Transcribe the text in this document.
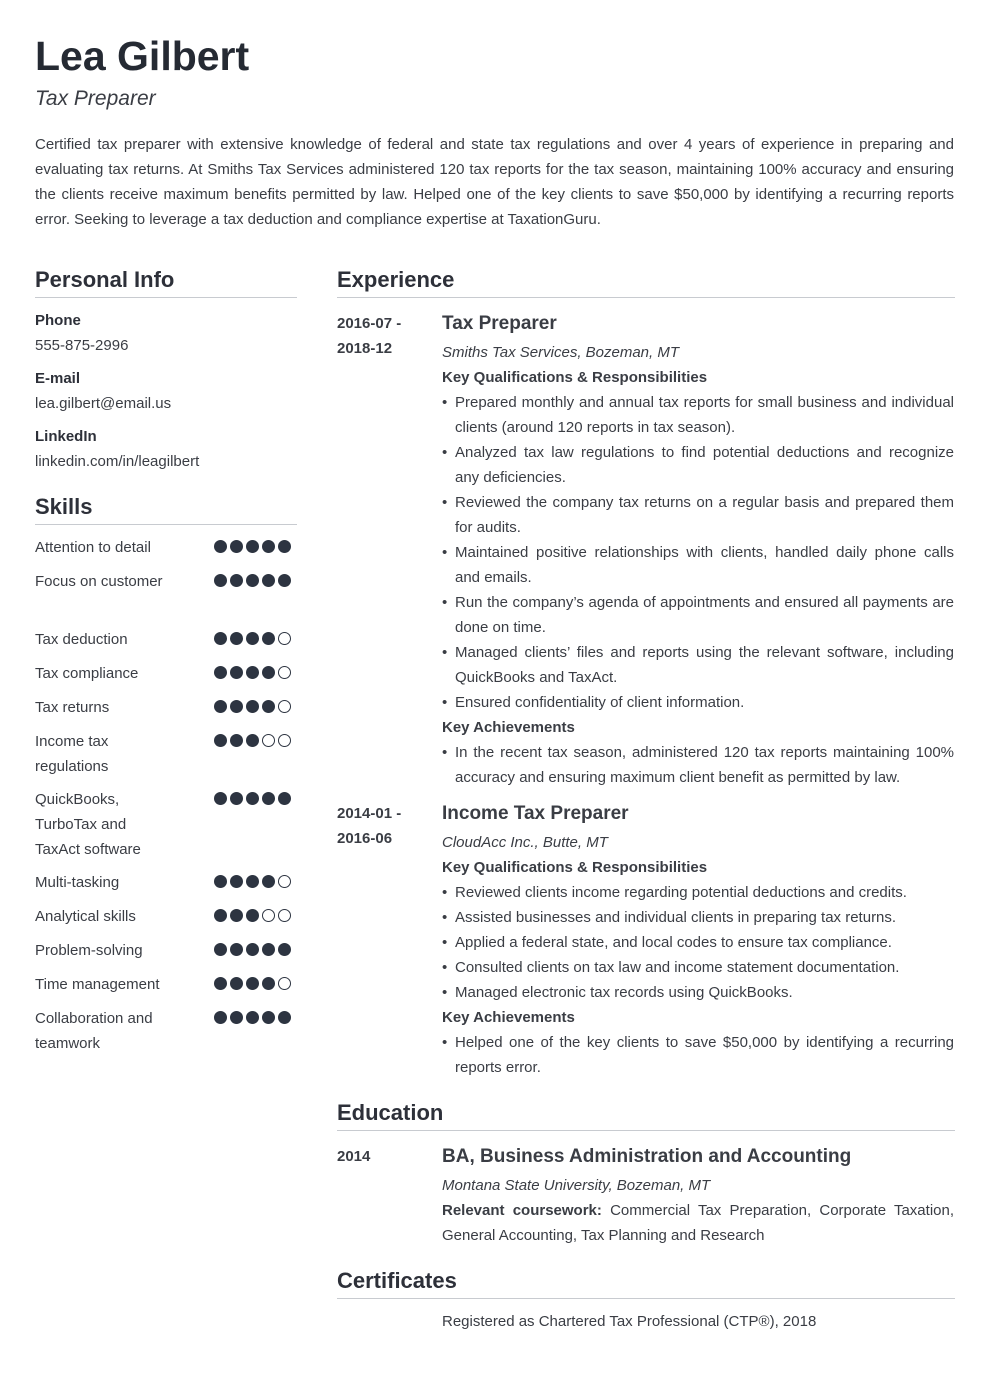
Lea Gilbert
Tax Preparer

Certified tax preparer with extensive knowledge of federal and state tax regulations and over 4 years of experience in preparing and evaluating tax returns. At Smiths Tax Services administered 120 tax reports for the tax season, maintaining 100% accuracy and ensuring the clients receive maximum benefits permitted by law. Helped one of the key clients to save $50,000 by identifying a recurring reports error. Seeking to leverage a tax deduction and compliance expertise at TaxationGuru.

Personal Info
Phone
555-875-2996
E-mail
lea.gilbert@email.us
LinkedIn
linkedin.com/in/leagilbert
Skills
Attention to detail
Focus on customer
Tax deduction
Tax compliance
Tax returns
Income tax regulations
QuickBooks, TurboTax and TaxAct software
Multi-tasking
Analytical skills
Problem-solving
Time management
Collaboration and teamwork
Experience
2016-07 -
2018-12
Tax Preparer
Smiths Tax Services, Bozeman, MT
Key Qualifications & Responsibilities
• Prepared monthly and annual tax reports for small business and individual clients (around 120 reports in tax season).
• Analyzed tax law regulations to find potential deductions and recognize any deficiencies.
• Reviewed the company tax returns on a regular basis and prepared them for audits.
• Maintained positive relationships with clients, handled daily phone calls and emails.
• Run the company’s agenda of appointments and ensured all payments are done on time.
• Managed clients’ files and reports using the relevant software, including QuickBooks and TaxAct.
• Ensured confidentiality of client information.
Key Achievements
• In the recent tax season, administered 120 tax reports maintaining 100% accuracy and ensuring maximum client benefit as permitted by law.
2014-01 -
2016-06
Income Tax Preparer
CloudAcc Inc., Butte, MT
Key Qualifications & Responsibilities
• Reviewed clients income regarding potential deductions and credits.
• Assisted businesses and individual clients in preparing tax returns.
• Applied a federal state, and local codes to ensure tax compliance.
• Consulted clients on tax law and income statement documentation.
• Managed electronic tax records using QuickBooks.
Key Achievements
• Helped one of the key clients to save $50,000 by identifying a recurring reports error.
Education
2014	BA, Business Administration and Accounting
Montana State University, Bozeman, MT
Relevant coursework: Commercial Tax Preparation, Corporate Taxation, General Accounting, Tax Planning and Research
Certificates
Registered as Chartered Tax Professional (CTP®), 2018
